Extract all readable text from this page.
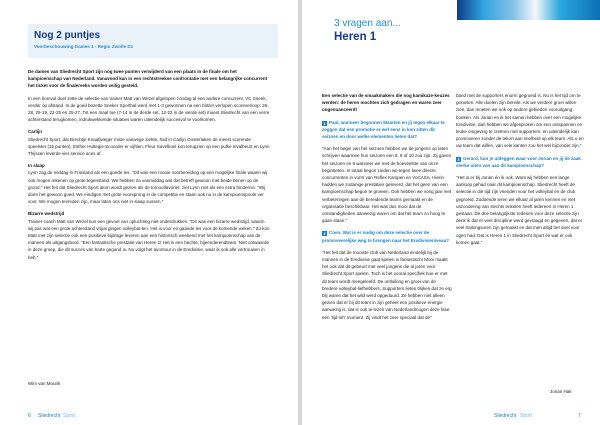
Nog 2 puntjes
Voorbeschouwing Dames 1 - Regio Zwolle D1

De dames van Sliedrecht Sport zijn nog twee punten verwijderd van een plaats in de finale om het kampioenschap van Nederland. Vanavond kan in een rechtstreekse confrontatie met een belangrijke concurrent het ticket voor de finalereeks worden veilig gesteld.

In een bomvol duel zette de selectie van trainer Matt van Wezel afgelopen zondag al een andere concurrent, VC Sneek, verder op afstand. In de goed bezette Sneker Sporthal werd met 1-3 gewonnen na een blitzer verlopen scoreverloop: 26-28, 25-19, 22-25 en 25-27. Tot een maal toe (7-14 in de derde set, 12-22 in de vierde set) moest Sliedrecht van een verre achterstand terugkomen, indrukwekkende situaties waren uiteindelijk succesvol te voorkomen.

Carlijn
Sliedrecht Sport, dat Brechtje Knaafjweger miste vanwege ziekte, had in Carlijn Oosterlaken de meest scorende speelster (16 punten). Esther Hultegie-Scoorder er vijftien, Fleur Savelkoel kon terugzien op een pulke invalbeurt en Lynn Thijssen leverde vier service aces af.

In slaap
Lynn zag de middag in Friesland als een goede les. "Dit was een mooie voorbereiding op een mogelijke finale waarin wij ook mogen rekenen op grote tegenstand. We hebben na vanmiddag wat dat betreft gewoon met beide benen op de grond." Het feit dat Sliedrecht Sport alom wordt gezien als de tornooifavoriet, ziet Lynn niet als een extra hindernis. "Wij doen het gewoon goed. We eindigen met grote voorsprong in de competitie en staan ook nu in de kampioenspoule ver voor. We mogen tevreden zijn, maar laten ons niet in slaap sussen."

Bizarre wedstrijd
Trainer-coach Matt van Wezel kon een gevoel van opluchting niet onderdrukken. "Dit was een bizarre wedstrijd, waarin wij pas wat een grote achterstand vrijuit gingen volleybal-len. Het is voor en gaande les voor de komende weken." Zo kon Matt met zijn selectie ook een positieve bijdrage leveren aan een historisch weekend met het kampioenschap van de mannen als uitgangsbord. "Een fantastische prestatie van Heren 1! Het is een hechte, bijeenderendteam. Niet ontwaarde in deze groep, die dit succes van harte gegund is. Nu volgt het avontuur in de Eredivisie, waar ik ook alle vertrouwen in heb."

Wim van Mourik
6 Sliedrecht Sport
3 vragen aan...
Heren 1

Een selectie van de smaakmakers die nog kamikaze-keuzes werden: de heren mochten zich gedragen en waren zeer ongenuanceerd!

1 Paul, wanneer begonnen Maarten en jij tegen elkaar te zeggen dat een promotie er wel eens in kon zitten dit seizoen en door welke elementen lieten dat?

"Aan het begin van het seizoen hebben we de jongens op laten schrijven waarmee hun seizoen een 6, 8 of 10 zou zijn. Zij gaven het seizoen en 8 wanneer we met de hoeveelste van onze begintieten. In totaal begon zoiden we tegen twee directe concurrenten in vorm van Reflex Kampen en VoCASA. Hierin hadden we zodanige prestaties geleverd, dat het geen van een kampioenschap begon te groeien. Ook hebben we vorig jaar met verbeteringen aan de bereidende teams gemaakt en de organisatie beschikbaar. Het was dus mooi dat de omstandigheden aanwezig waren om dat het team zo hoog te gaan staan."

2 Coen, Wat is er nodig om deze selectie over de promoveerelijke weg te brengen naar het Eredivisieniveau?

"Het feit dat de mooiste club van Nederland eindelijk bij de mannen in de Eredivisie gaat spelen is fantastisch! Mooi maakt het ook dat dit gebeurt met veel jongens die al jaren voor Sliedrecht Sport spelen. Toch is het vooral specifiek hoe er met dit team wordt meegeleefd. De ontluiking en groei van de bredere volleybal-liefhebbers. Supporters lieten blijken dat ze erg blij waren dat het wild werd opgeduurd. Ze hebben niet alleen gezien dat er bij dit team in zijn geheel een positieve energie aanwezig is, dat is ook te lezen van Nederlandmogen deze fase een 'tijd-ish' moment. Zij vindt het zeer speciaal dat de"

band met de supporters enorm gegroeid is. Nu is het tijd om te genieten. Alle doelen zijn bereikt. Als we verdere groei willen zien, dan moeten we ook op andere gebieden vooruitgang boeken. Als Jorian en ik het samen hebben over een mogelijke Eredivisie, dan hebben we afgesproken om een ontspannen en leuke omgeving te creëren met supporters, en uiteindelijk kan promoveren zonder de tekort aan snelheid op elk team. Als u en uw team dat willen, van vele kanten zou het wel bijzonder zijn."

3 Gerard, kun je uitleggen waar voor Jorian en jij de zaak sterke uiten van aan dit kampioenschap?

"Het is er bij Jorian én ik ook. Want wij hebben een lange aanloop gehad naar dit kampioenschap. Sliedrecht heeft de selectie in die tijd zijn vrienden voor het volleybal en de club gegroeid. Zodoende leren we elkaar al jaren kennen en met uitzondering van slechts enkelen heeft iedereen in Heren 1 gestaan. De drie belangrijkste redenen voor deze selectie zijn denk ik dat er veel discipline werd gevraagd en gegeven, dat er veel trainingsuren zijn gemaakt en dat men altijd het doel voor ogen had. Dat is Heren 1 in Sliedrecht Sport én wat er ook komen gaat."

Jorian Hak
Sliedrecht Sport	7
